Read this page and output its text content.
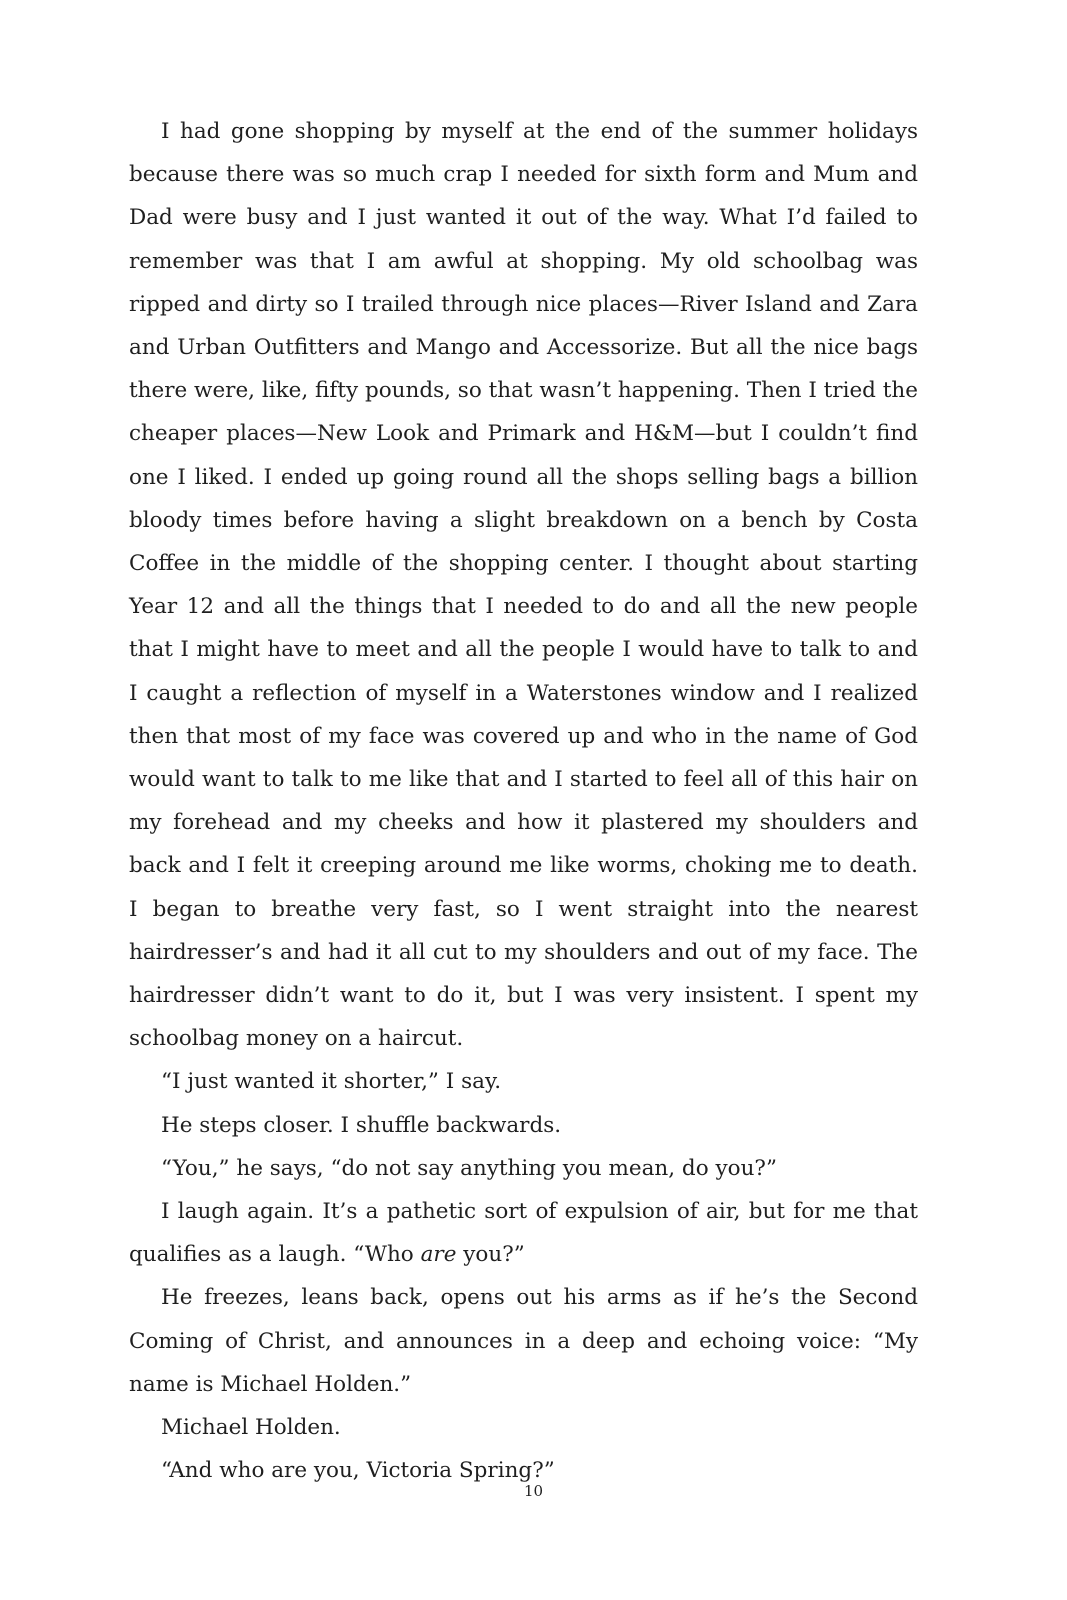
I had gone shopping by myself at the end of the summer holidays because there was so much crap I needed for sixth form and Mum and Dad were busy and I just wanted it out of the way. What I’d failed to remember was that I am awful at shopping. My old schoolbag was ripped and dirty so I trailed through nice places—River Island and Zara and Urban Outfitters and Mango and Accessorize. But all the nice bags there were, like, fifty pounds, so that wasn’t happening. Then I tried the cheaper places—New Look and Primark and H&M—but I couldn’t find one I liked. I ended up going round all the shops selling bags a billion bloody times before having a slight breakdown on a bench by Costa Coffee in the middle of the shopping center. I thought about starting Year 12 and all the things that I needed to do and all the new people that I might have to meet and all the people I would have to talk to and I caught a reflection of myself in a Waterstones window and I realized then that most of my face was covered up and who in the name of God would want to talk to me like that and I started to feel all of this hair on my forehead and my cheeks and how it plastered my shoulders and back and I felt it creeping around me like worms, choking me to death. I began to breathe very fast, so I went straight into the nearest hairdresser’s and had it all cut to my shoulders and out of my face. The hairdresser didn’t want to do it, but I was very insistent. I spent my schoolbag money on a haircut.

“I just wanted it shorter,” I say.

He steps closer. I shuffle backwards.

“You,” he says, “do not say anything you mean, do you?”

I laugh again. It’s a pathetic sort of expulsion of air, but for me that qualifies as a laugh. “Who are you?”

He freezes, leans back, opens out his arms as if he’s the Second Coming of Christ, and announces in a deep and echoing voice: “My name is Michael Holden.”

Michael Holden.

“And who are you, Victoria Spring?”

10
